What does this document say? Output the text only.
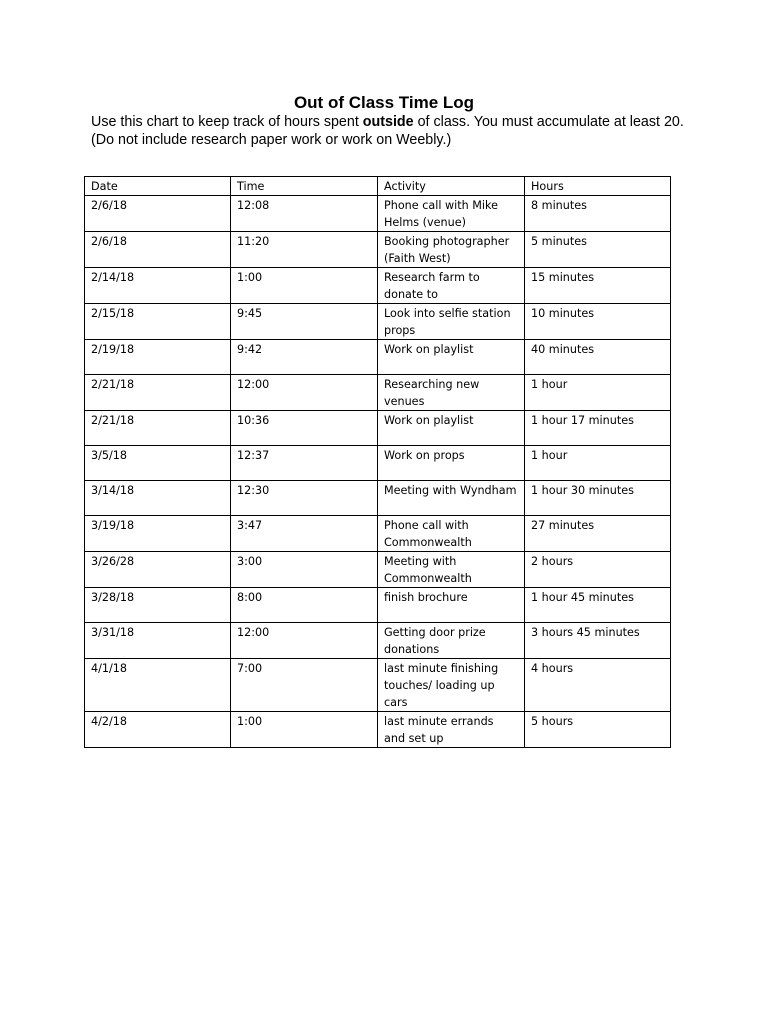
Out of Class Time Log
Use this chart to keep track of hours spent outside of class. You must accumulate at least 20.
(Do not include research paper work or work on Weebly.)
Date	Time	Activity	Hours
2/6/18	12:08	Phone call with Mike Helms (venue)	8 minutes
2/6/18	11:20	Booking photographer (Faith West)	5 minutes
2/14/18	1:00	Research farm to donate to	15 minutes
2/15/18	9:45	Look into selfie station props	10 minutes
2/19/18	9:42	Work on playlist	40 minutes
2/21/18	12:00	Researching new venues	1 hour
2/21/18	10:36	Work on playlist	1 hour 17 minutes
3/5/18	12:37	Work on props	1 hour
3/14/18	12:30	Meeting with Wyndham	1 hour 30 minutes
3/19/18	3:47	Phone call with Commonwealth	27 minutes
3/26/28	3:00	Meeting with Commonwealth	2 hours
3/28/18	8:00	finish brochure	1 hour 45 minutes
3/31/18	12:00	Getting door prize donations	3 hours 45 minutes
4/1/18	7:00	last minute finishing touches/ loading up cars	4 hours
4/2/18	1:00	last minute errands and set up	5 hours
